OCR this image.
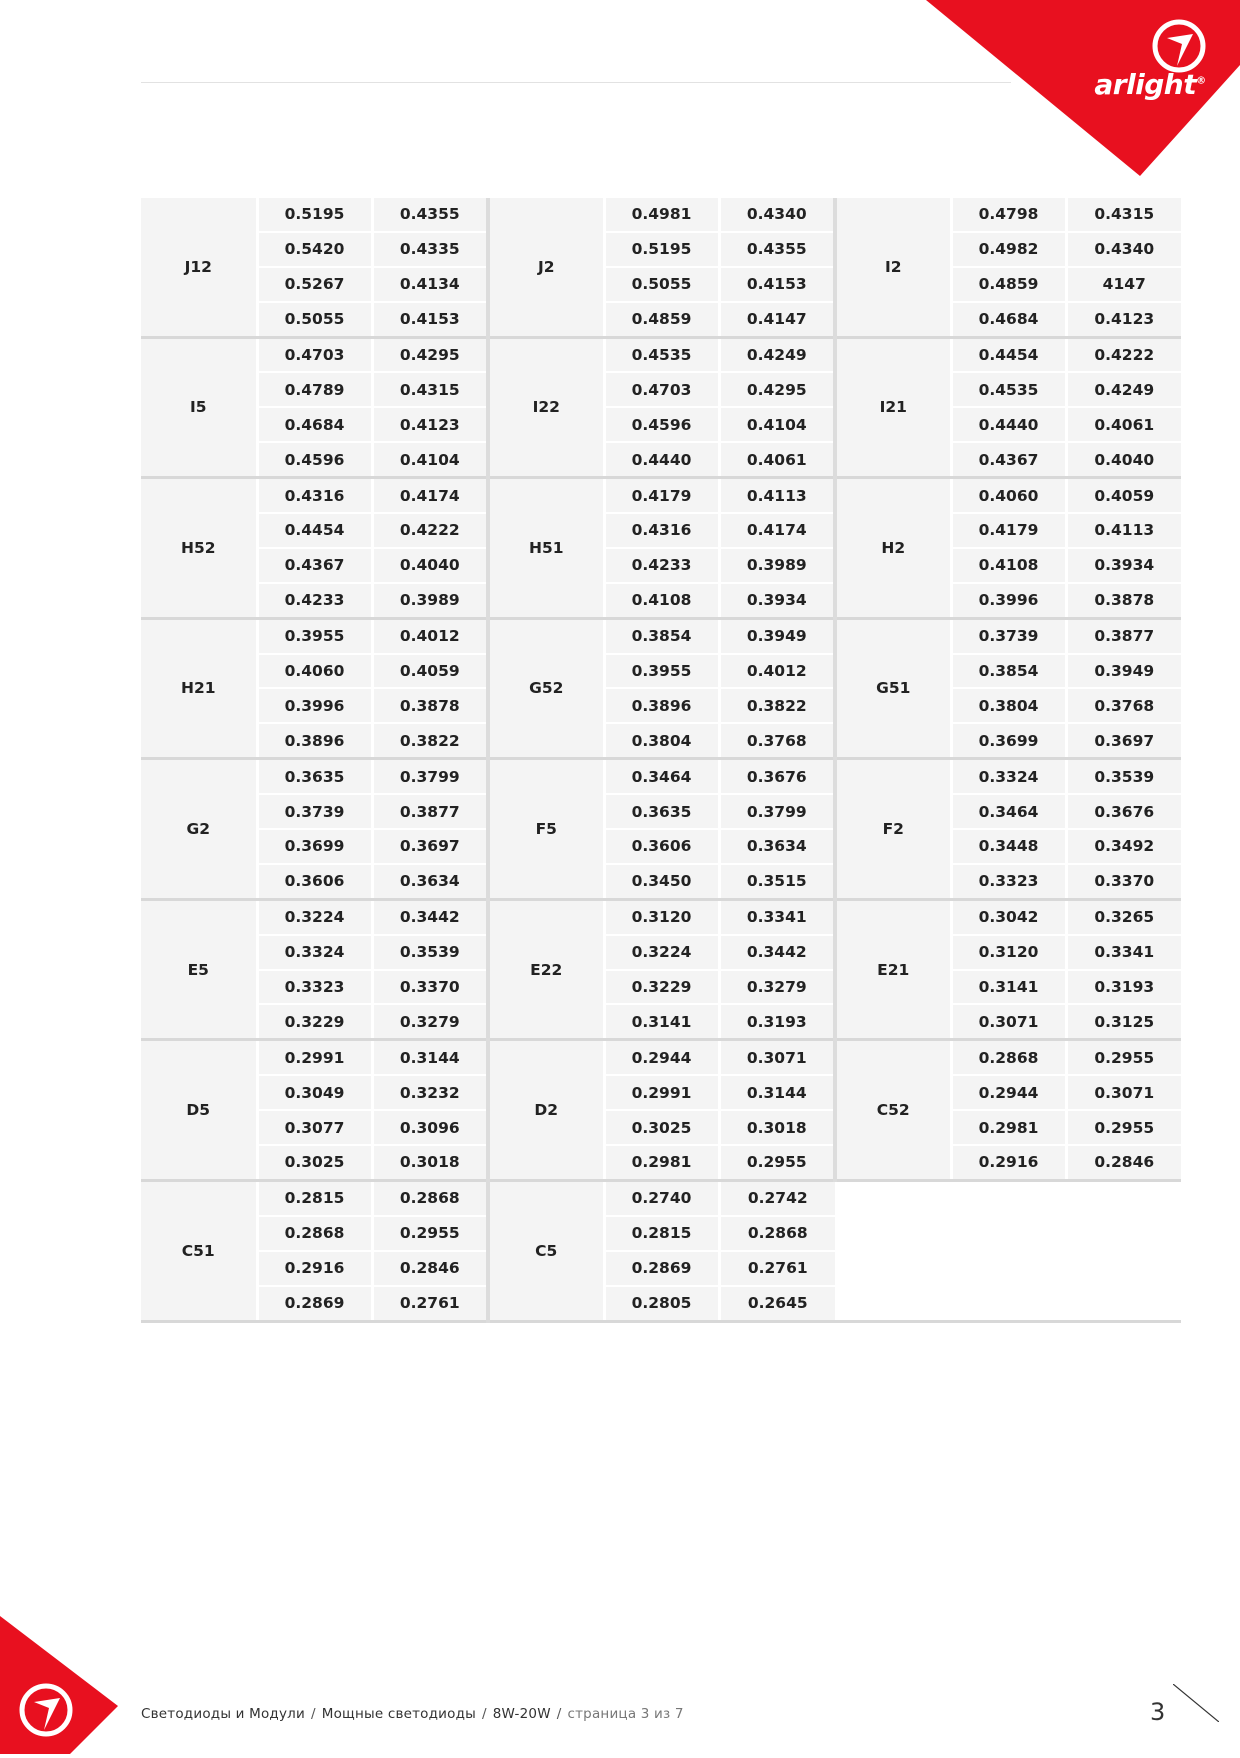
arlight®
J12	0.5195	0.4355	J2	0.4981	0.4340	I2	0.4798	0.4315
	0.5420	0.4335		0.5195	0.4355		0.4982	0.4340
	0.5267	0.4134		0.5055	0.4153		0.4859	4147
	0.5055	0.4153		0.4859	0.4147		0.4684	0.4123
I5	0.4703	0.4295	I22	0.4535	0.4249	I21	0.4454	0.4222
	0.4789	0.4315		0.4703	0.4295		0.4535	0.4249
	0.4684	0.4123		0.4596	0.4104		0.4440	0.4061
	0.4596	0.4104		0.4440	0.4061		0.4367	0.4040
H52	0.4316	0.4174	H51	0.4179	0.4113	H2	0.4060	0.4059
	0.4454	0.4222		0.4316	0.4174		0.4179	0.4113
	0.4367	0.4040		0.4233	0.3989		0.4108	0.3934
	0.4233	0.3989		0.4108	0.3934		0.3996	0.3878
H21	0.3955	0.4012	G52	0.3854	0.3949	G51	0.3739	0.3877
	0.4060	0.4059		0.3955	0.4012		0.3854	0.3949
	0.3996	0.3878		0.3896	0.3822		0.3804	0.3768
	0.3896	0.3822		0.3804	0.3768		0.3699	0.3697
G2	0.3635	0.3799	F5	0.3464	0.3676	F2	0.3324	0.3539
	0.3739	0.3877		0.3635	0.3799		0.3464	0.3676
	0.3699	0.3697		0.3606	0.3634		0.3448	0.3492
	0.3606	0.3634		0.3450	0.3515		0.3323	0.3370
E5	0.3224	0.3442	E22	0.3120	0.3341	E21	0.3042	0.3265
	0.3324	0.3539		0.3224	0.3442		0.3120	0.3341
	0.3323	0.3370		0.3229	0.3279		0.3141	0.3193
	0.3229	0.3279		0.3141	0.3193		0.3071	0.3125
D5	0.2991	0.3144	D2	0.2944	0.3071	C52	0.2868	0.2955
	0.3049	0.3232		0.2991	0.3144		0.2944	0.3071
	0.3077	0.3096		0.3025	0.3018		0.2981	0.2955
	0.3025	0.3018		0.2981	0.2955		0.2916	0.2846
C51	0.2815	0.2868	C5	0.2740	0.2742			
	0.2868	0.2955		0.2815	0.2868			
	0.2916	0.2846		0.2869	0.2761			
	0.2869	0.2761		0.2805	0.2645			
Светодиоды и Модули / Мощные светодиоды / 8W-20W / страница 3 из 7	3
